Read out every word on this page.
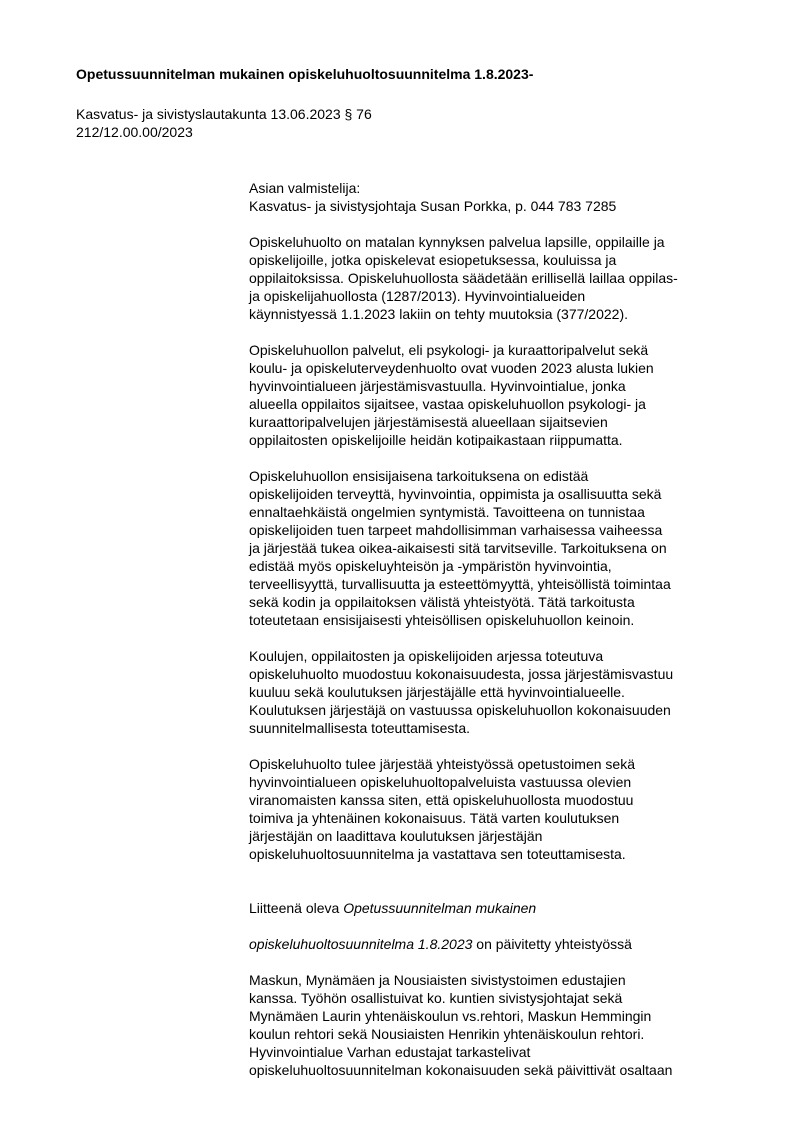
Opetussuunnitelman mukainen opiskeluhuoltosuunnitelma 1.8.2023-

Kasvatus- ja sivistyslautakunta 13.06.2023 § 76

212/12.00.00/2023

Asian valmistelija:
Kasvatus- ja sivistysjohtaja Susan Porkka, p. 044 783 7285

Opiskeluhuolto on matalan kynnyksen palvelua lapsille, oppilaille ja
opiskelijoille, jotka opiskelevat esiopetuksessa, kouluissa ja
oppilaitoksissa. Opiskeluhuollosta säädetään erillisellä laillaa oppilas-
ja opiskelijahuollosta (1287/2013). Hyvinvointialueiden
käynnistyessä 1.1.2023 lakiin on tehty muutoksia (377/2022).

Opiskeluhuollon palvelut, eli psykologi- ja kuraattoripalvelut sekä
koulu- ja opiskeluterveydenhuolto ovat vuoden 2023 alusta lukien
hyvinvointialueen järjestämisvastuulla. Hyvinvointialue, jonka
alueella oppilaitos sijaitsee, vastaa opiskeluhuollon psykologi- ja
kuraattoripalvelujen järjestämisestä alueellaan sijaitsevien
oppilaitosten opiskelijoille heidän kotipaikastaan riippumatta.

Opiskeluhuollon ensisijaisena tarkoituksena on edistää
opiskelijoiden terveyttä, hyvinvointia, oppimista ja osallisuutta sekä
ennaltaehkäistä ongelmien syntymistä. Tavoitteena on tunnistaa
opiskelijoiden tuen tarpeet mahdollisimman varhaisessa vaiheessa
ja järjestää tukea oikea-aikaisesti sitä tarvitseville. Tarkoituksena on
edistää myös opiskeluyhteisön ja -ympäristön hyvinvointia,
terveellisyyttä, turvallisuutta ja esteettömyyttä, yhteisöllistä toimintaa
sekä kodin ja oppilaitoksen välistä yhteistyötä. Tätä tarkoitusta
toteutetaan ensisijaisesti yhteisöllisen opiskeluhuollon keinoin.

Koulujen, oppilaitosten ja opiskelijoiden arjessa toteutuva
opiskeluhuolto muodostuu kokonaisuudesta, jossa järjestämisvastuu
kuuluu sekä koulutuksen järjestäjälle että hyvinvointialueelle.
Koulutuksen järjestäjä on vastuussa opiskeluhuollon kokonaisuuden
suunnitelmallisesta toteuttamisesta.

Opiskeluhuolto tulee järjestää yhteistyössä opetustoimen sekä
hyvinvointialueen opiskeluhuoltopalveluista vastuussa olevien
viranomaisten kanssa siten, että opiskeluhuollosta muodostuu
toimiva ja yhtenäinen kokonaisuus. Tätä varten koulutuksen
järjestäjän on laadittava koulutuksen järjestäjän
opiskeluhuoltosuunnitelma ja vastattava sen toteuttamisesta.

Liitteenä oleva Opetussuunnitelman mukainen

opiskeluhuoltosuunnitelma 1.8.2023 on päivitetty yhteistyössä

Maskun, Mynämäen ja Nousiaisten sivistystoimen edustajien
kanssa. Työhön osallistuivat ko. kuntien sivistysjohtajat sekä
Mynämäen Laurin yhtenäiskoulun vs.rehtori, Maskun Hemmingin
koulun rehtori sekä Nousiaisten Henrikin yhtenäiskoulun rehtori.
Hyvinvointialue Varhan edustajat tarkastelivat
opiskeluhuoltosuunnitelman kokonaisuuden sekä päivittivät osaltaan
